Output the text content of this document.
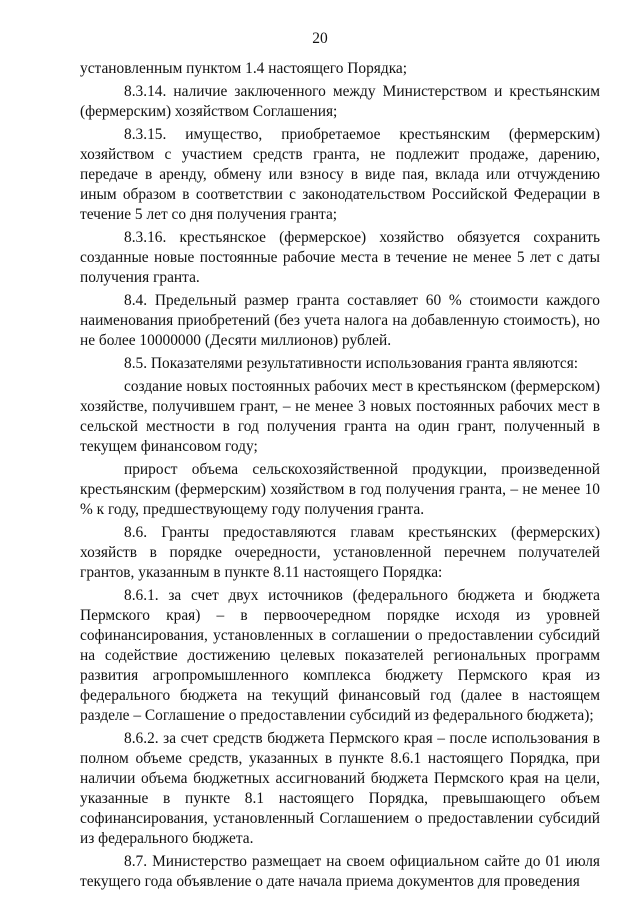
20

установленным пунктом 1.4 настоящего Порядка;

8.3.14. наличие заключенного между Министерством и крестьянским (фермерским) хозяйством Соглашения;

8.3.15. имущество, приобретаемое крестьянским (фермерским) хозяйством с участием средств гранта, не подлежит продаже, дарению, передаче в аренду, обмену или взносу в виде пая, вклада или отчуждению иным образом в соответствии с законодательством Российской Федерации в течение 5 лет со дня получения гранта;

8.3.16. крестьянское (фермерское) хозяйство обязуется сохранить созданные новые постоянные рабочие места в течение не менее 5 лет с даты получения гранта.

8.4. Предельный размер гранта составляет 60 % стоимости каждого наименования приобретений (без учета налога на добавленную стоимость), но не более 10000000 (Десяти миллионов) рублей.

8.5. Показателями результативности использования гранта являются:

создание новых постоянных рабочих мест в крестьянском (фермерском) хозяйстве, получившем грант, – не менее 3 новых постоянных рабочих мест в сельской местности в год получения гранта на один грант, полученный в текущем финансовом году;

прирост объема сельскохозяйственной продукции, произведенной крестьянским (фермерским) хозяйством в год получения гранта, – не менее 10 % к году, предшествующему году получения гранта.

8.6. Гранты предоставляются главам крестьянских (фермерских) хозяйств в порядке очередности, установленной перечнем получателей грантов, указанным в пункте 8.11 настоящего Порядка:

8.6.1. за счет двух источников (федерального бюджета и бюджета Пермского края) – в первоочередном порядке исходя из уровней софинансирования, установленных в соглашении о предоставлении субсидий на содействие достижению целевых показателей региональных программ развития агропромышленного комплекса бюджету Пермского края из федерального бюджета на текущий финансовый год (далее в настоящем разделе – Соглашение о предоставлении субсидий из федерального бюджета);

8.6.2. за счет средств бюджета Пермского края – после использования в полном объеме средств, указанных в пункте 8.6.1 настоящего Порядка, при наличии объема бюджетных ассигнований бюджета Пермского края на цели, указанные в пункте 8.1 настоящего Порядка, превышающего объем софинансирования, установленный Соглашением о предоставлении субсидий из федерального бюджета.

8.7. Министерство размещает на своем официальном сайте до 01 июля текущего года объявление о дате начала приема документов для проведения
